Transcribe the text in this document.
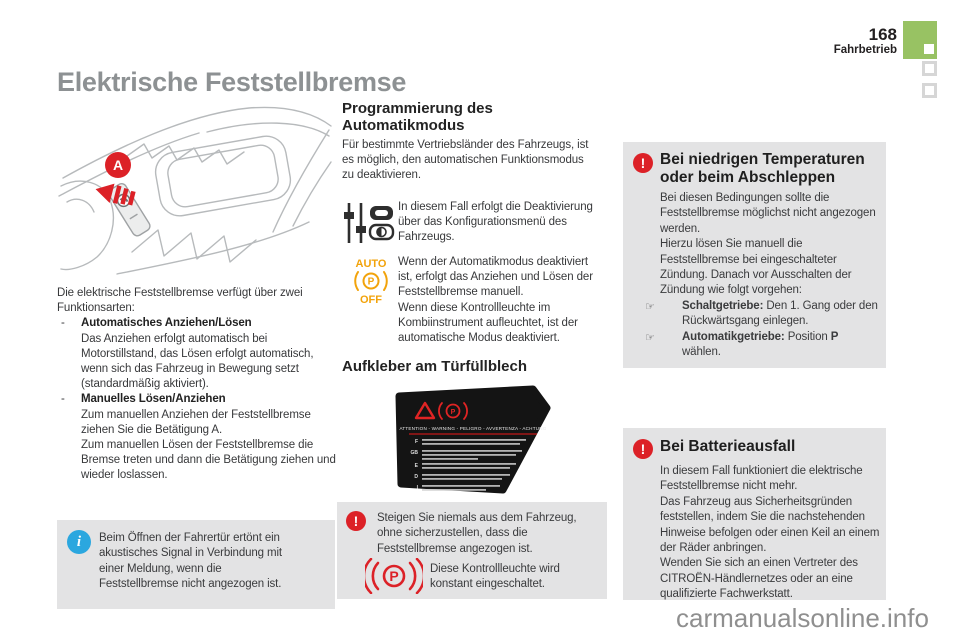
168
Fahrbetrieb
Elektrische Feststellbremse
A
Die elektrische Feststellbremse verfügt über zwei Funktionsarten:
- Automatisches Anziehen/Lösen
Das Anziehen erfolgt automatisch bei Motorstillstand, das Lösen erfolgt automatisch, wenn sich das Fahrzeug in Bewegung setzt (standardmäßig aktiviert).
- Manuelles Lösen/Anziehen
Zum manuellen Anziehen der Feststellbremse ziehen Sie die Betätigung A.
Zum manuellen Lösen der Feststellbremse die Bremse treten und dann die Betätigung ziehen und wieder loslassen.
i	Beim Öffnen der Fahrertür ertönt ein akustisches Signal in Verbindung mit einer Meldung, wenn die Feststellbremse nicht angezogen ist.
Programmierung des Automatikmodus
Für bestimmte Vertriebsländer des Fahrzeugs, ist es möglich, den automatischen Funktionsmodus zu deaktivieren.
In diesem Fall erfolgt die Deaktivierung über das Konfigurationsmenü des Fahrzeugs.
AUTO
P
OFF
Wenn der Automatikmodus deaktiviert ist, erfolgt das Anziehen und Lösen der Feststellbremse manuell.
Wenn diese Kontrollleuchte im Kombiinstrument aufleuchtet, ist der automatische Modus deaktiviert.
Aufkleber am Türfüllblech
P
ATTENTION - WARNING - PELIGRO - AVVERTENZA - ACHTUNG
F
GB
E
D
I
!	Steigen Sie niemals aus dem Fahrzeug, ohne sicherzustellen, dass die Feststellbremse angezogen ist.
P	Diese Kontrollleuchte wird konstant eingeschaltet.
! Bei niedrigen Temperaturen oder beim Abschleppen
Bei diesen Bedingungen sollte die Feststellbremse möglichst nicht angezogen werden.
Hierzu lösen Sie manuell die Feststellbremse bei eingeschalteter Zündung. Danach vor Ausschalten der Zündung wie folgt vorgehen:
☞ Schaltgetriebe: Den 1. Gang oder den Rückwärtsgang einlegen.
☞ Automatikgetriebe: Position P wählen.
! Bei Batterieausfall
In diesem Fall funktioniert die elektrische Feststellbremse nicht mehr.
Das Fahrzeug aus Sicherheitsgründen feststellen, indem Sie die nachstehenden Hinweise befolgen oder einen Keil an einem der Räder anbringen.
Wenden Sie sich an einen Vertreter des CITROËN-Händlernetzes oder an eine qualifizierte Fachwerkstatt.
carmanualsonline.info
